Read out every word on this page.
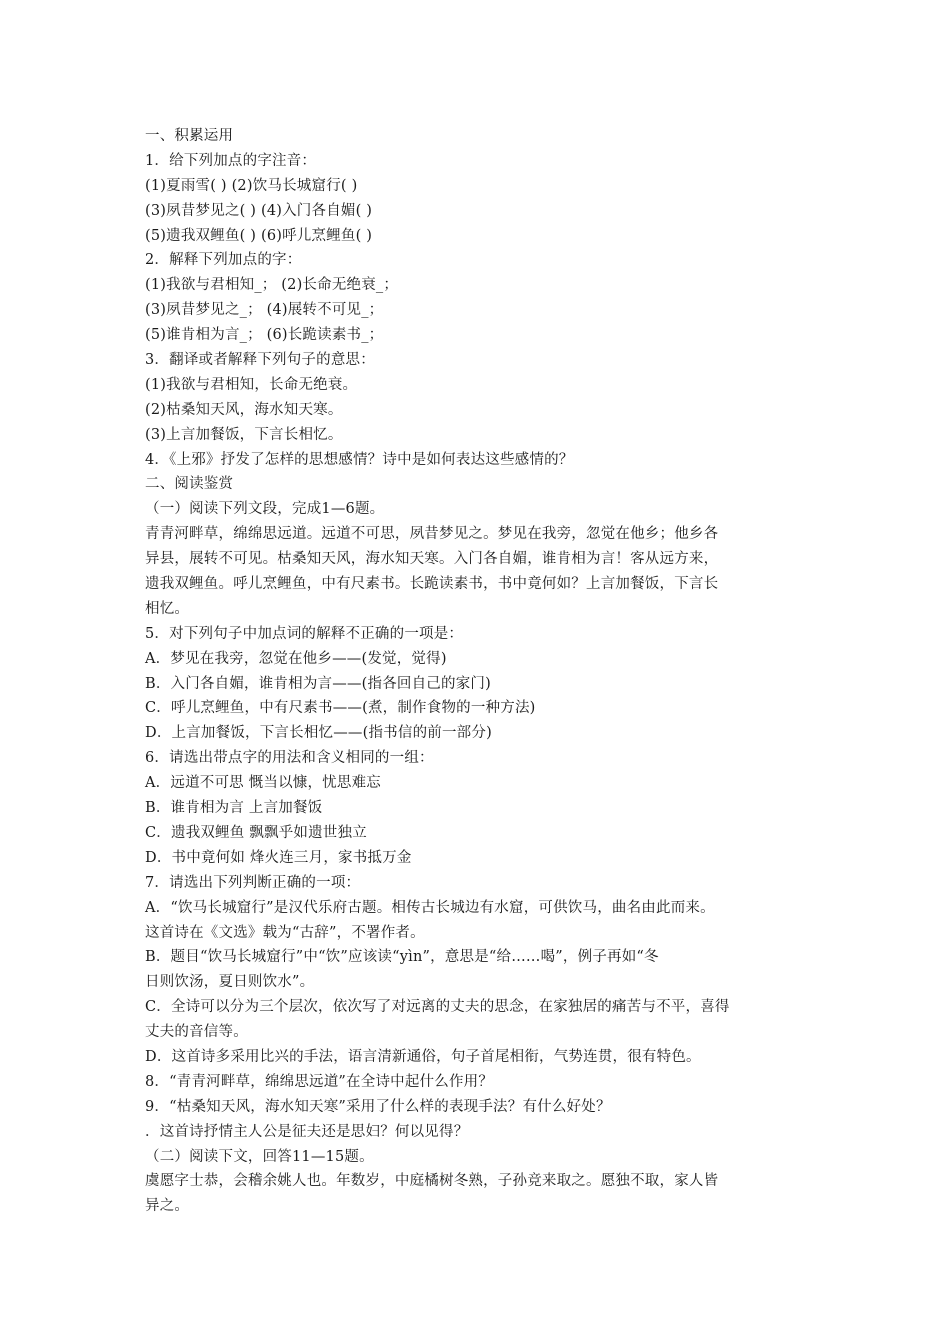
一、积累运用
1．给下列加点的字注音：
(1)夏雨雪( ) (2)饮马长城窟行( )
(3)夙昔梦见之( ) (4)入门各自媚( )
(5)遗我双鲤鱼( ) (6)呼儿烹鲤鱼( )
2．解释下列加点的字：
(1)我欲与君相知_； (2)长命无绝衰_；
(3)夙昔梦见之_； (4)展转不可见_；
(5)谁肯相为言_； (6)长跪读素书_；
3．翻译或者解释下列句子的意思：
(1)我欲与君相知，长命无绝衰。
(2)枯桑知天风，海水知天寒。
(3)上言加餐饭，下言长相忆。
4．《上邪》抒发了怎样的思想感情？诗中是如何表达这些感情的？
二、阅读鉴赏
（一）阅读下列文段，完成1—6题。
青青河畔草，绵绵思远道。远道不可思，夙昔梦见之。梦见在我旁，忽觉在他乡；他乡各
异县，展转不可见。枯桑知天风，海水知天寒。入门各自媚，谁肯相为言！客从远方来，
遗我双鲤鱼。呼儿烹鲤鱼，中有尺素书。长跪读素书，书中竟何如？上言加餐饭，下言长
相忆。
5．对下列句子中加点词的解释不正确的一项是：
A．梦见在我旁，忽觉在他乡——(发觉，觉得)
B．入门各自媚，谁肯相为言——(指各回自己的家门)
C．呼儿烹鲤鱼，中有尺素书——(煮，制作食物的一种方法)
D．上言加餐饭，下言长相忆——(指书信的前一部分)
6．请选出带点字的用法和含义相同的一组：
A．远道不可思 慨当以慷，忧思难忘
B．谁肯相为言 上言加餐饭
C．遗我双鲤鱼 飘飘乎如遗世独立
D．书中竟何如 烽火连三月，家书抵万金
7．请选出下列判断正确的一项：
A．“饮马长城窟行”是汉代乐府古题。相传古长城边有水窟，可供饮马，曲名由此而来。
这首诗在《文选》载为“古辞”，不署作者。
B．题目“饮马长城窟行”中“饮”应该读“yìn”，意思是“给……喝”，例子再如“冬
日则饮汤，夏日则饮水”。
C．全诗可以分为三个层次，依次写了对远离的丈夫的思念，在家独居的痛苦与不平，喜得
丈夫的音信等。
D．这首诗多采用比兴的手法，语言清新通俗，句子首尾相衔，气势连贯，很有特色。
8．“青青河畔草，绵绵思远道”在全诗中起什么作用？
9．“枯桑知天风，海水知天寒”采用了什么样的表现手法？有什么好处？
．这首诗抒情主人公是征夫还是思妇？何以见得？
（二）阅读下文，回答11—15题。
虞愿字士恭，会稽余姚人也。年数岁，中庭橘树冬熟，子孙竞来取之。愿独不取，家人皆
异之。
